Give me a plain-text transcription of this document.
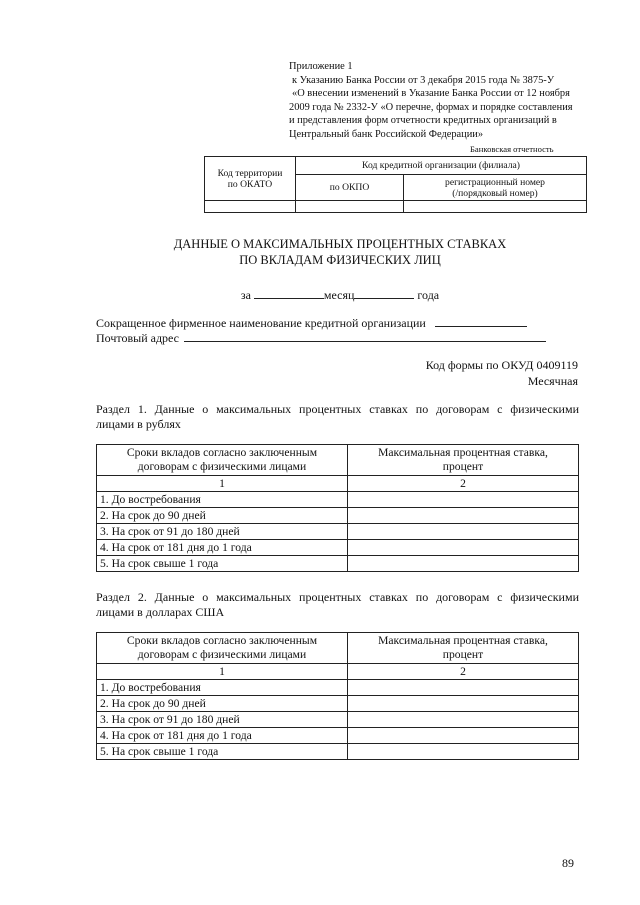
Приложение 1
к Указанию Банка России от 3 декабря 2015 года № 3875-У
«О внесении изменений в Указание Банка России от 12 ноября
2009 года № 2332-У «О перечне, формах и порядке составления
и представления форм отчетности кредитных организаций в
Центральный банк Российской Федерации»
Банковская отчетность
Код территории
по ОКАТО	Код кредитной организации (филиала)	
	по ОКПО	регистрационный номер
(/порядковый номер)

ДАННЫЕ О МАКСИМАЛЬНЫХ ПРОЦЕНТНЫХ СТАВКАХ
ПО ВКЛАДАМ ФИЗИЧЕСКИХ ЛИЦ
за	месяц	года
Сокращенное фирменное наименование кредитной организации
Почтовый адрес
Код формы по ОКУД 0409119
Месячная
Раздел 1. Данные о максимальных процентных ставках по договорам с физическими
лицами в рублях
Сроки вкладов согласно заключенным
договорам с физическими лицами	Максимальная процентная ставка,
процент
1	2
1. До востребования	
2. На срок до 90 дней	
3. На срок от 91 до 180 дней	
4. На срок от 181 дня до 1 года	
5. На срок свыше 1 года	
Раздел 2. Данные о максимальных процентных ставках по договорам с физическими
лицами в долларах США
Сроки вкладов согласно заключенным
договорам с физическими лицами	Максимальная процентная ставка,
процент
1	2
1. До востребования	
2. На срок до 90 дней	
3. На срок от 91 до 180 дней	
4. На срок от 181 дня до 1 года	
5. На срок свыше 1 года	
89
